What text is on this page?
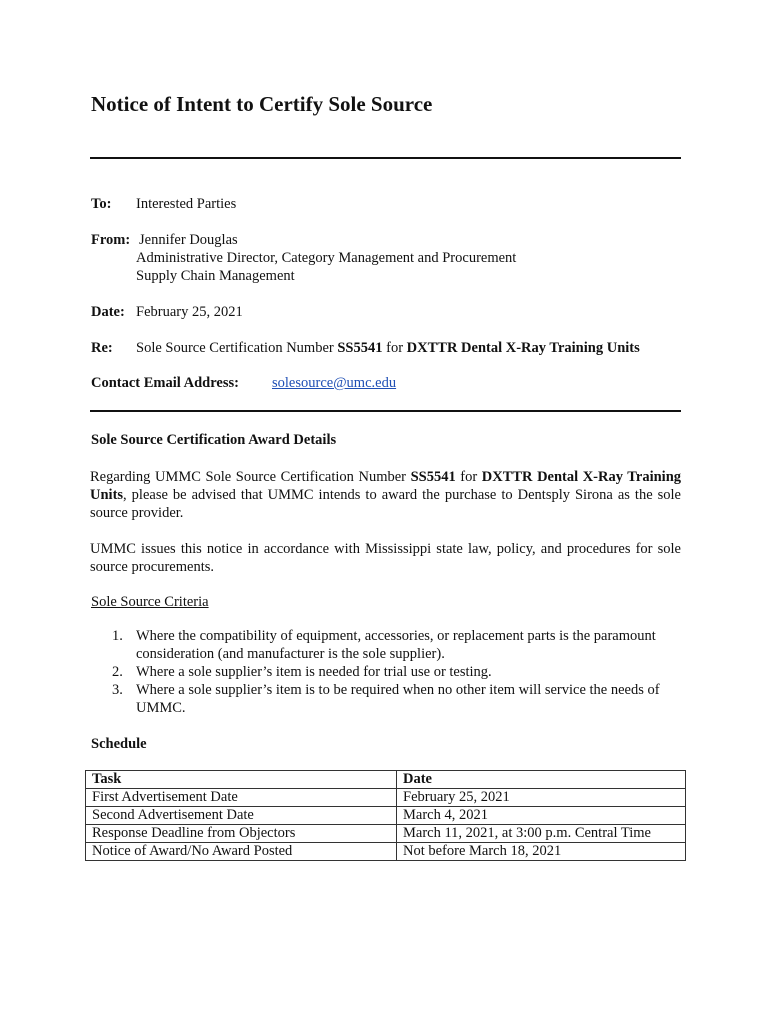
Notice of Intent to Certify Sole Source
To: Interested Parties
From: Jennifer Douglas
Administrative Director, Category Management and Procurement
Supply Chain Management
Date: February 25, 2021
Re: Sole Source Certification Number SS5541 for DXTTR Dental X-Ray Training Units
Contact Email Address: solesource@umc.edu
Sole Source Certification Award Details
Regarding UMMC Sole Source Certification Number SS5541 for DXTTR Dental X-Ray Training Units, please be advised that UMMC intends to award the purchase to Dentsply Sirona as the sole source provider.
UMMC issues this notice in accordance with Mississippi state law, policy, and procedures for sole source procurements.
Sole Source Criteria
1. Where the compatibility of equipment, accessories, or replacement parts is the paramount consideration (and manufacturer is the sole supplier).
2. Where a sole supplier’s item is needed for trial use or testing.
3. Where a sole supplier’s item is to be required when no other item will service the needs of UMMC.
Schedule
Task	Date
First Advertisement Date	February 25, 2021
Second Advertisement Date	March 4, 2021
Response Deadline from Objectors	March 11, 2021, at 3:00 p.m. Central Time
Notice of Award/No Award Posted	Not before March 18, 2021
